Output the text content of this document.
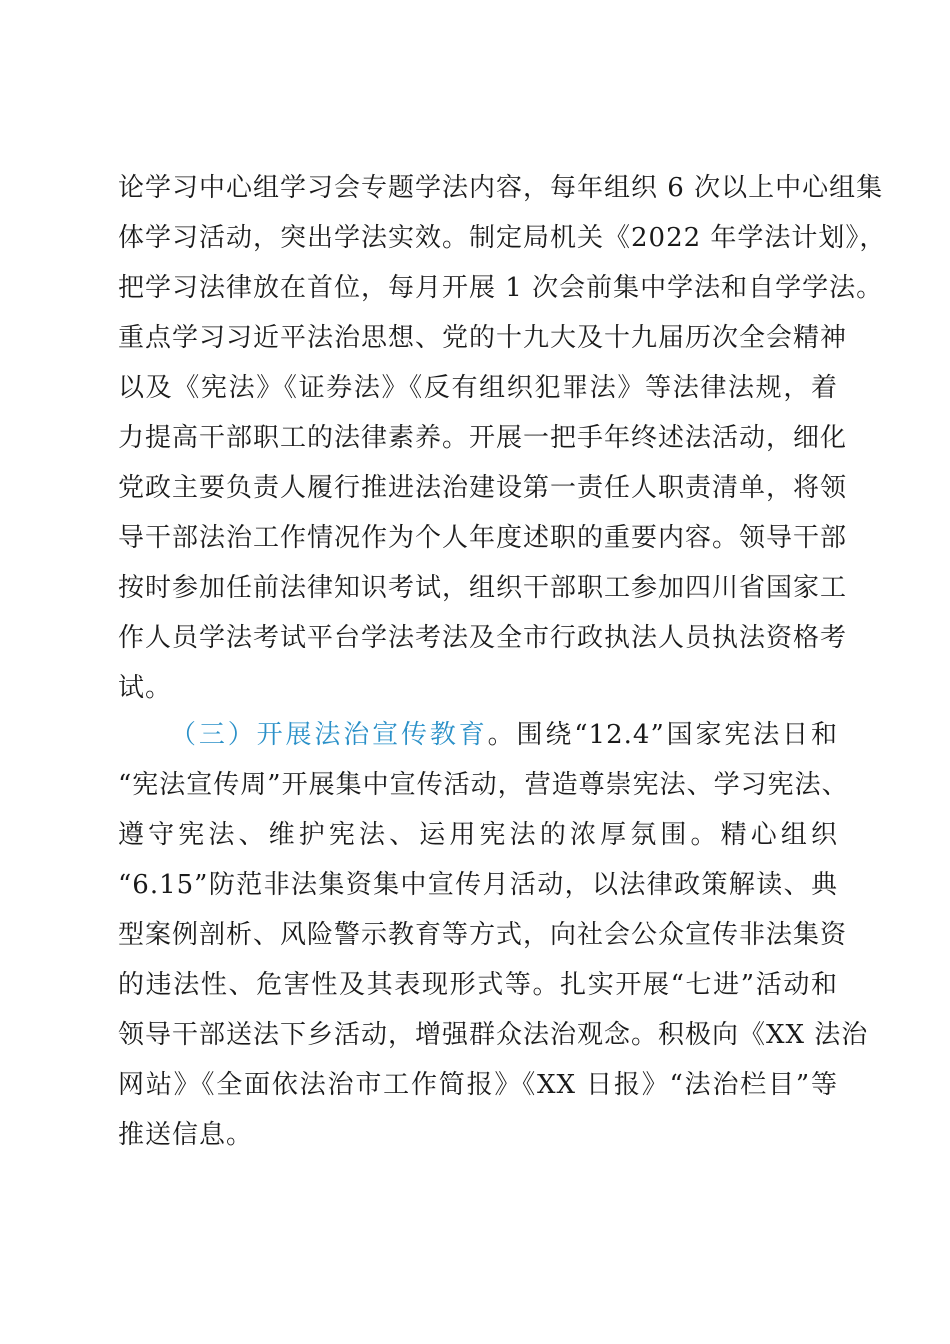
论学习中心组学习会专题学法内容，每年组织 6 次以上中心组集
体学习活动，突出学法实效。制定局机关《2022 年学法计划》，
把学习法律放在首位，每月开展 1 次会前集中学法和自学学法。
重点学习习近平法治思想、党的十九大及十九届历次全会精神
以及《宪法》《证券法》《反有组织犯罪法》等法律法规，着
力提高干部职工的法律素养。开展一把手年终述法活动，细化
党政主要负责人履行推进法治建设第一责任人职责清单，将领
导干部法治工作情况作为个人年度述职的重要内容。领导干部
按时参加任前法律知识考试，组织干部职工参加四川省国家工
作人员学法考试平台学法考法及全市行政执法人员执法资格考
试。
（三）开展法治宣传教育。围绕“12.4”国家宪法日和
“宪法宣传周”开展集中宣传活动，营造尊崇宪法、学习宪法、
遵守宪法、维护宪法、运用宪法的浓厚氛围。精心组织
“6.15”防范非法集资集中宣传月活动，以法律政策解读、典
型案例剖析、风险警示教育等方式，向社会公众宣传非法集资
的违法性、危害性及其表现形式等。扎实开展“七进”活动和
领导干部送法下乡活动，增强群众法治观念。积极向《XX 法治
网站》《全面依法治市工作简报》《XX 日报》“法治栏目”等
推送信息。
